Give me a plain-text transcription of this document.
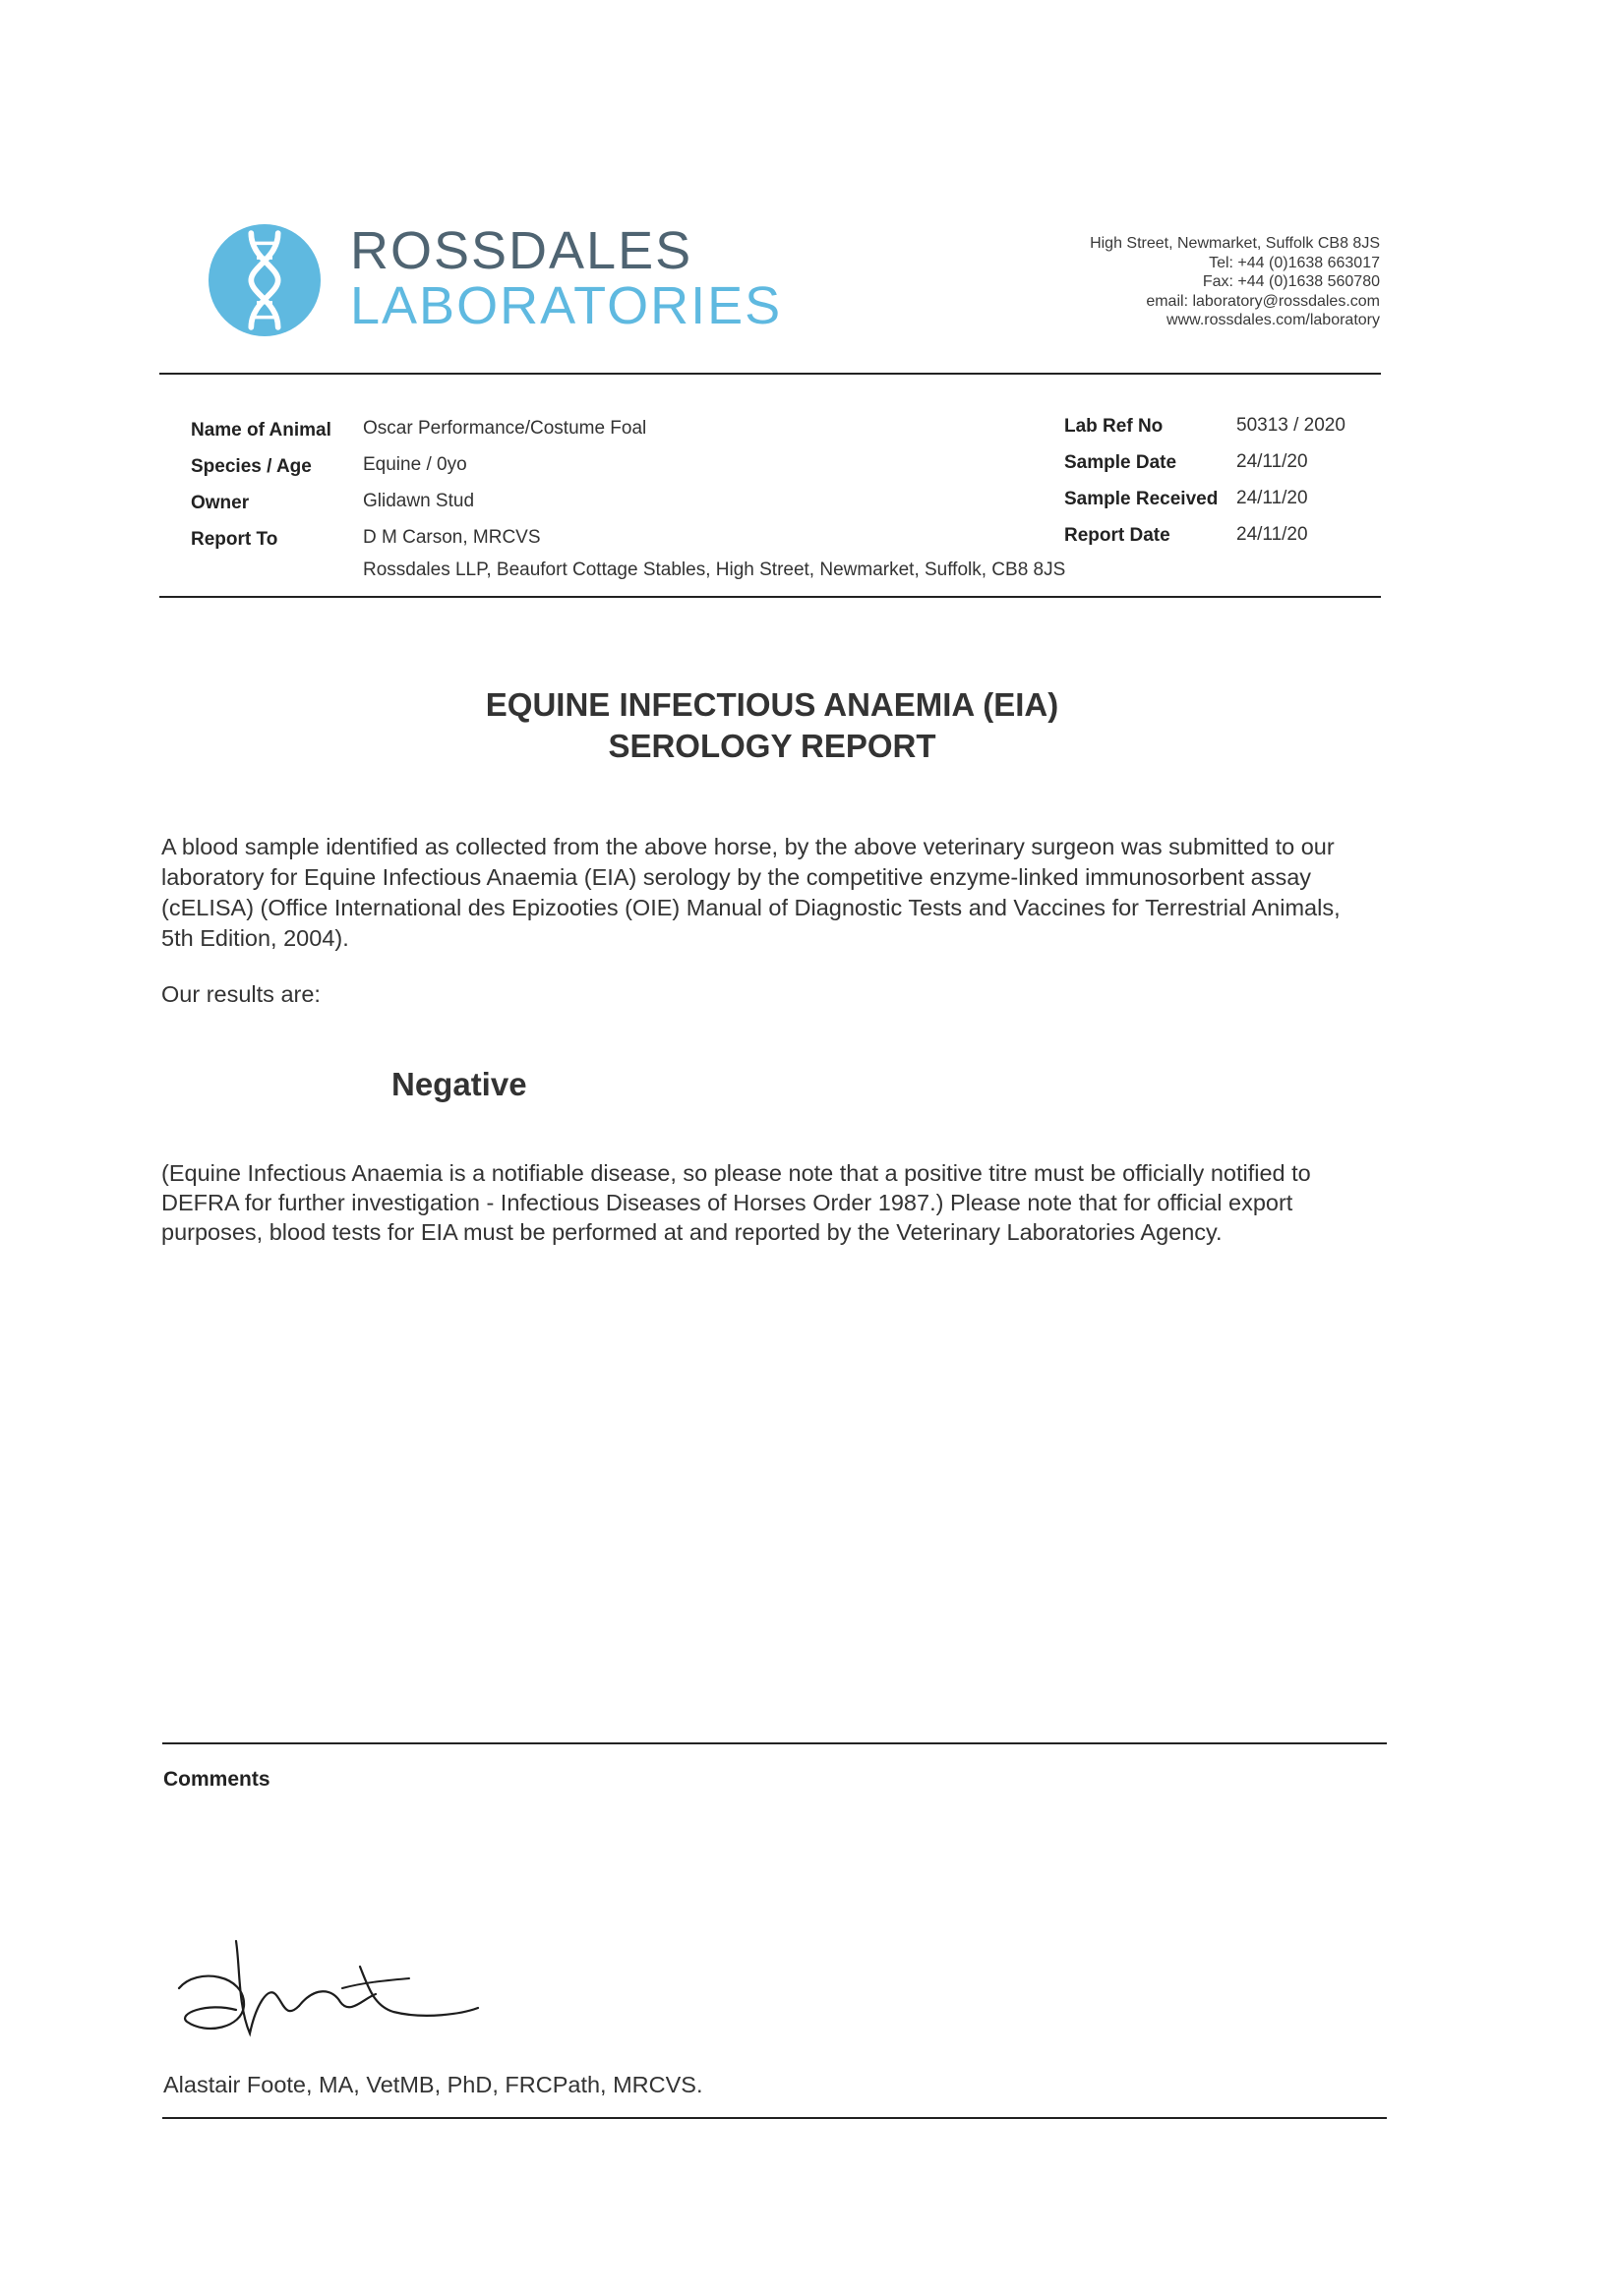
ROSSDALES
LABORATORIES
High Street, Newmarket, Suffolk CB8 8JS
Tel: +44 (0)1638 663017
Fax: +44 (0)1638 560780
email: laboratory@rossdales.com
www.rossdales.com/laboratory
Name of Animal Oscar Performance/Costume Foal
Species / Age	Equine / 0yo
Owner	Glidawn Stud
Report To	D M Carson, MRCVS
Rossdales LLP, Beaufort Cottage Stables, High Street, Newmarket, Suffolk, CB8 8JS
Lab Ref No	50313 / 2020
Sample Date	24/11/20
Sample Received 24/11/20
Report Date	24/11/20
EQUINE INFECTIOUS ANAEMIA (EIA)
SEROLOGY REPORT
A blood sample identified as collected from the above horse, by the above veterinary surgeon was submitted to our laboratory for Equine Infectious Anaemia (EIA) serology by the competitive enzyme-linked immunosorbent assay (cELISA) (Office International des Epizooties (OIE) Manual of Diagnostic Tests and Vaccines for Terrestrial Animals, 5th Edition, 2004).
Our results are:
Negative
(Equine Infectious Anaemia is a notifiable disease, so please note that a positive titre must be officially notified to DEFRA for further investigation - Infectious Diseases of Horses Order 1987.) Please note that for official export purposes, blood tests for EIA must be performed at and reported by the Veterinary Laboratories Agency.
Comments
Alastair Foote, MA, VetMB, PhD, FRCPath, MRCVS.
